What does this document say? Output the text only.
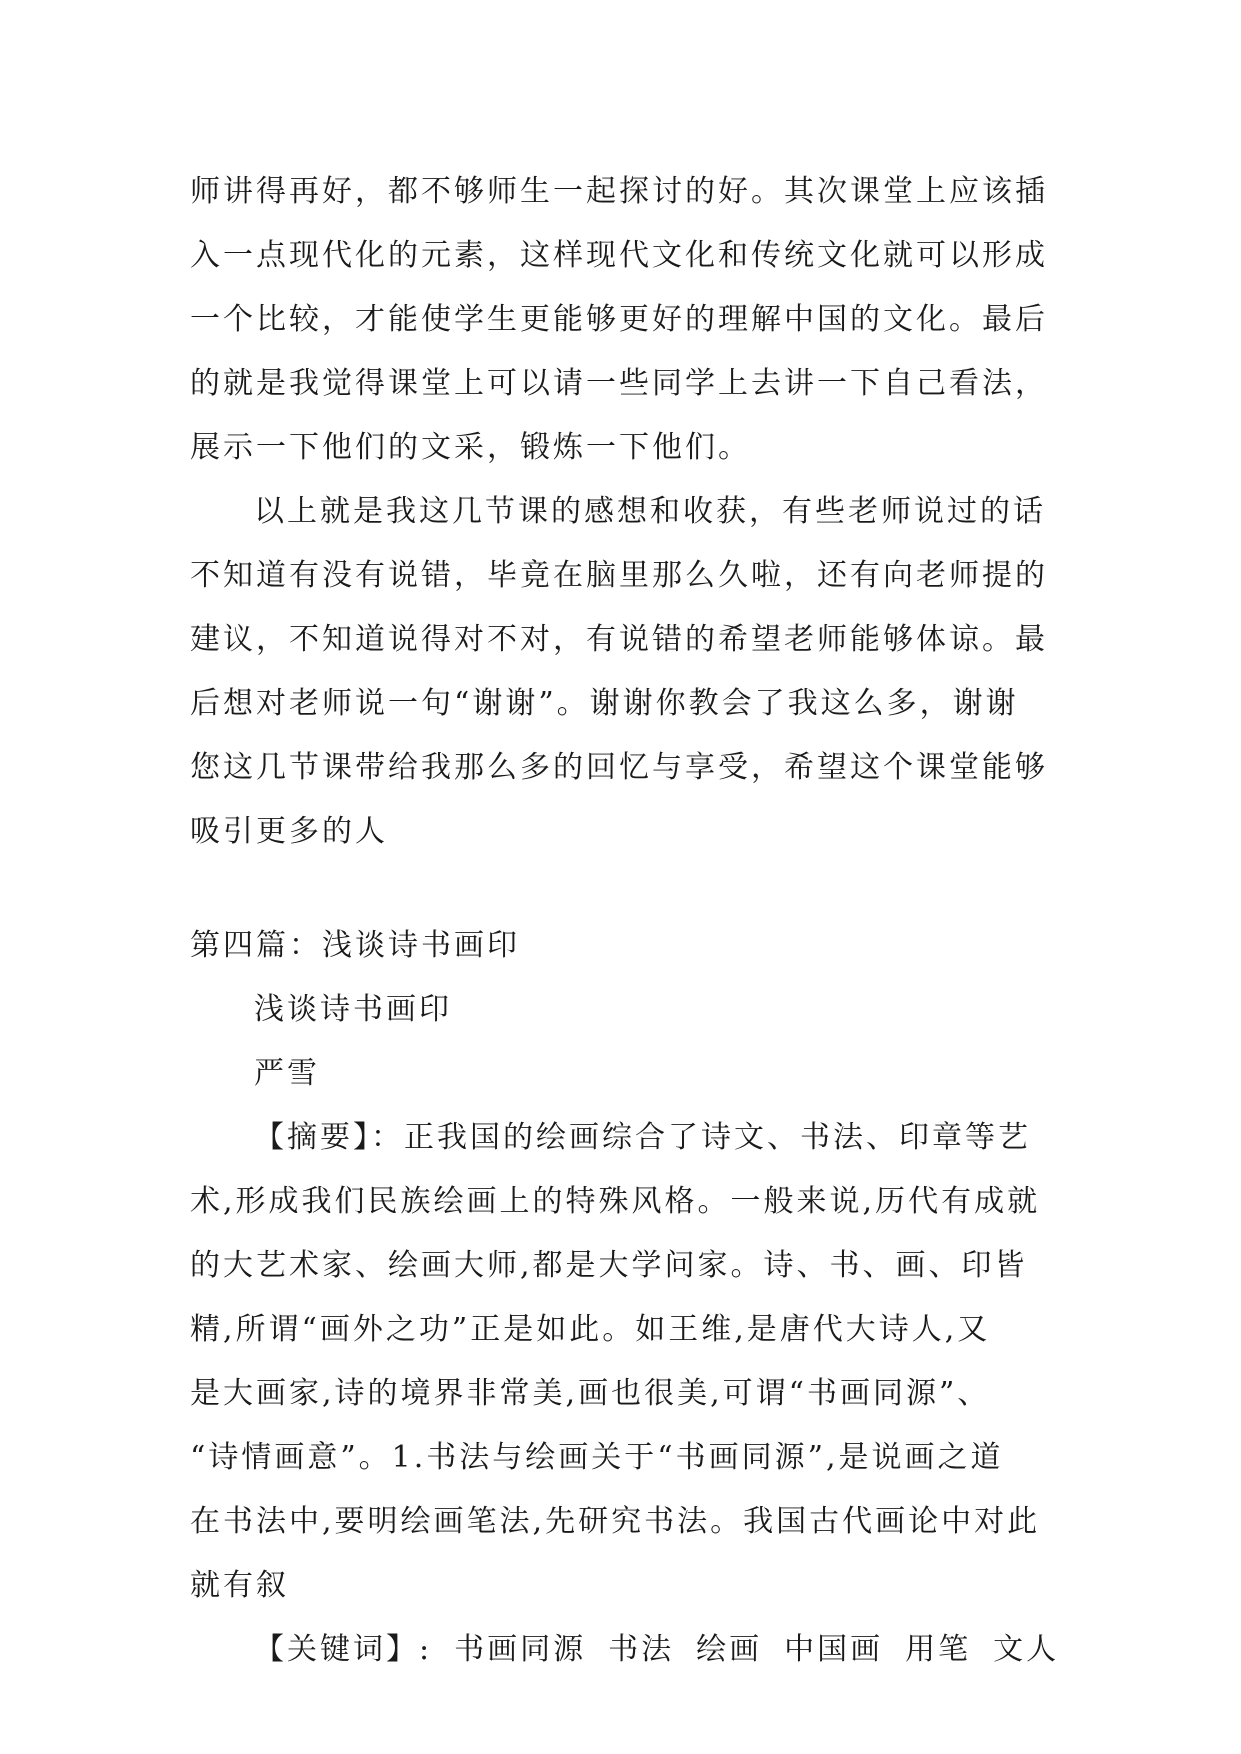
师讲得再好，都不够师生一起探讨的好。其次课堂上应该插
入一点现代化的元素，这样现代文化和传统文化就可以形成
一个比较，才能使学生更能够更好的理解中国的文化。最后
的就是我觉得课堂上可以请一些同学上去讲一下自己看法，
展示一下他们的文采，锻炼一下他们。
以上就是我这几节课的感想和收获，有些老师说过的话
不知道有没有说错，毕竟在脑里那么久啦，还有向老师提的
建议，不知道说得对不对，有说错的希望老师能够体谅。最
后想对老师说一句“谢谢”。谢谢你教会了我这么多，谢谢
您这几节课带给我那么多的回忆与享受，希望这个课堂能够
吸引更多的人
第四篇：浅谈诗书画印
浅谈诗书画印
严雪
【摘要】：正我国的绘画综合了诗文、书法、印章等艺
术,形成我们民族绘画上的特殊风格。一般来说,历代有成就
的大艺术家、绘画大师,都是大学问家。诗、书、画、印皆
精,所谓“画外之功”正是如此。如王维,是唐代大诗人,又
是大画家,诗的境界非常美,画也很美,可谓“书画同源”、
“诗情画意”。1.书法与绘画关于“书画同源”,是说画之道
在书法中,要明绘画笔法,先研究书法。我国古代画论中对此
就有叙
【关键词】: 书画同源 书法 绘画 中国画 用笔 文人
